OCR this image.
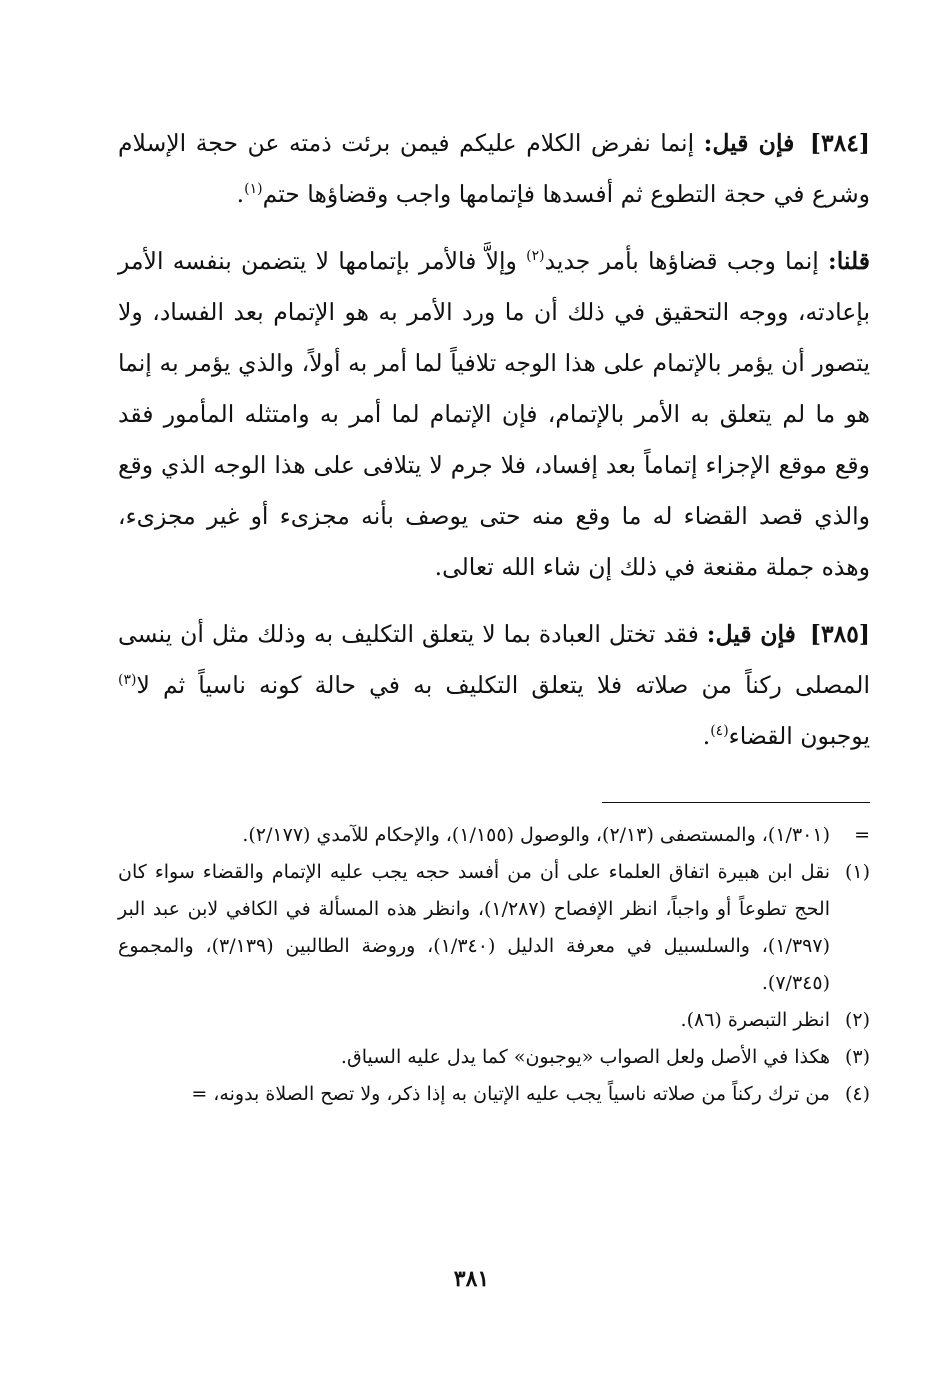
[٣٨٤] فإن قيل: إنما نفرض الكلام عليكم فيمن برئت ذمته عن حجة الإسلام وشرع في حجة التطوع ثم أفسدها فإتمامها واجب وقضاؤها حتم$^{(١)}$.

قلنا: إنما وجب قضاؤها بأمر جديد$^{(٢)}$ وإلاَّ فالأمر بإتمامها لا يتضمن بنفسه الأمر بإعادته، ووجه التحقيق في ذلك أن ما ورد الأمر به هو الإتمام بعد الفساد، ولا يتصور أن يؤمر بالإتمام على هذا الوجه تلافياً لما أمر به أولاً، والذي يؤمر به إنما هو ما لم يتعلق به الأمر بالإتمام، فإن الإتمام لما أمر به وامتثله المأمور فقد وقع موقع الإجزاء إتماماً بعد إفساد، فلا جرم لا يتلافى على هذا الوجه الذي وقع والذي قصد القضاء له ما وقع منه حتى يوصف بأنه مجزىء أو غير مجزىء، وهذه جملة مقنعة في ذلك إن شاء الله تعالى.

[٣٨٥] فإن قيل: فقد تختل العبادة بما لا يتعلق التكليف به وذلك مثل أن ينسى المصلى ركناً من صلاته فلا يتعلق التكليف به في حالة كونه ناسياً ثم لا$^{(٣)}$ يوجبون القضاء$^{(٤)}$.

=
(١/٣٠١)، والمستصفى (٢/١٣)، والوصول (١/١٥٥)، والإحكام للآمدي (٢/١٧٧).

(١)
نقل ابن هبيرة اتفاق العلماء على أن من أفسد حجه يجب عليه الإتمام والقضاء سواء كان الحج تطوعاً أو واجباً، انظر الإفصاح (١/٢٨٧)، وانظر هذه المسألة في الكافي لابن عبد البر (١/٣٩٧)، والسلسبيل في معرفة الدليل (١/٣٤٠)، وروضة الطالبين (٣/١٣٩)، والمجموع (٧/٣٤٥).

(٢)
انظر التبصرة (٨٦).

(٣)
هكذا في الأصل ولعل الصواب «يوجبون» كما يدل عليه السياق.

(٤)
من ترك ركناً من صلاته ناسياً يجب عليه الإتيان به إذا ذكر، ولا تصح الصلاة بدونه، =

٣٨١
